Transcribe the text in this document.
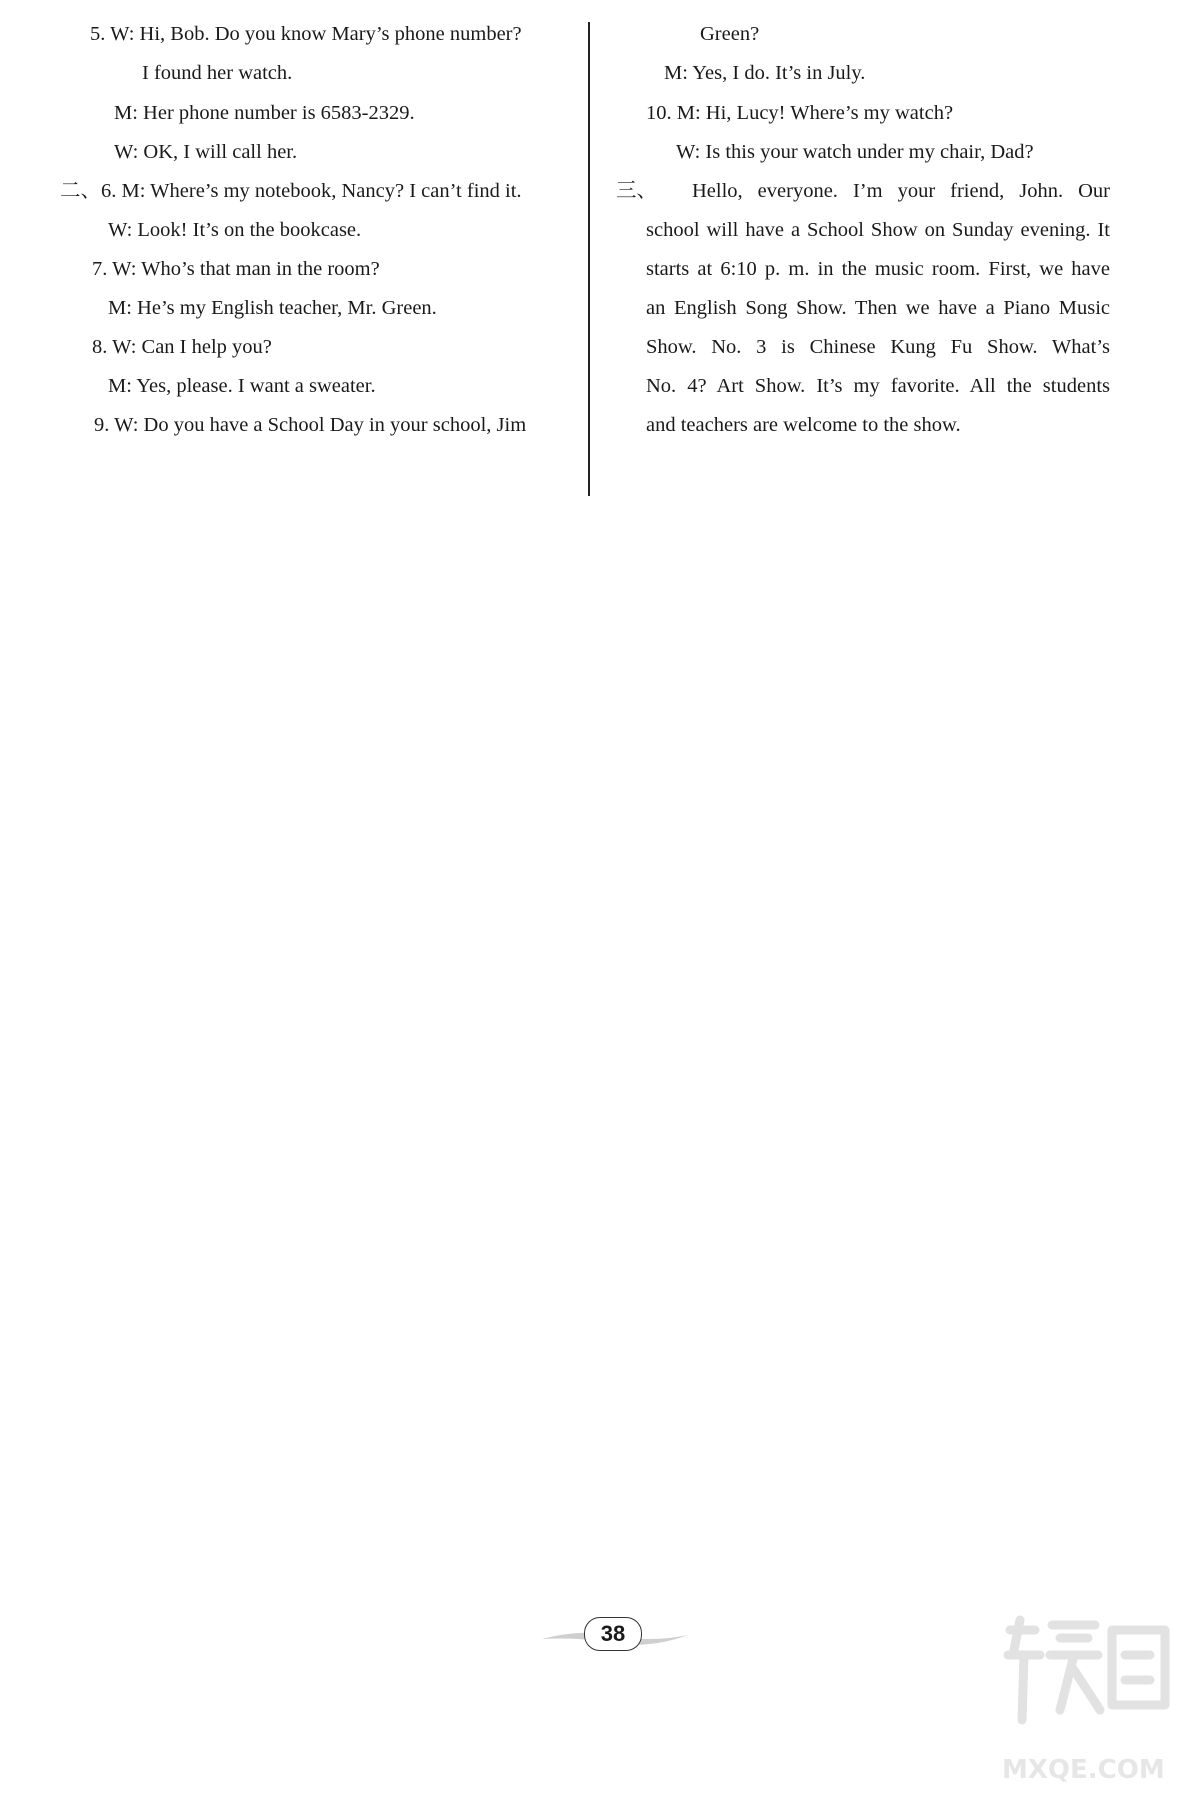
5. W: Hi, Bob. Do you know Mary’s phone number?
I found her watch.
M: Her phone number is 6583-2329.
W: OK, I will call her.
二、6. M: Where’s my notebook, Nancy? I can’t find it.
W: Look! It’s on the bookcase.
7. W: Who’s that man in the room?
M: He’s my English teacher, Mr. Green.
8. W: Can I help you?
M: Yes, please. I want a sweater.
9. W: Do you have a School Day in your school, Jim
Green?
M: Yes, I do. It’s in July.
10. M: Hi, Lucy! Where’s my watch?
W: Is this your watch under my chair, Dad?
三、 Hello, everyone. I’m your friend, John. Our
school will have a School Show on Sunday evening. It
starts at 6:10 p. m. in the music room. First, we have
an English Song Show. Then we have a Piano Music
Show. No. 3 is Chinese Kung Fu Show. What’s
No. 4? Art Show. It’s my favorite. All the students
and teachers are welcome to the show.
38
MXQE.COM
